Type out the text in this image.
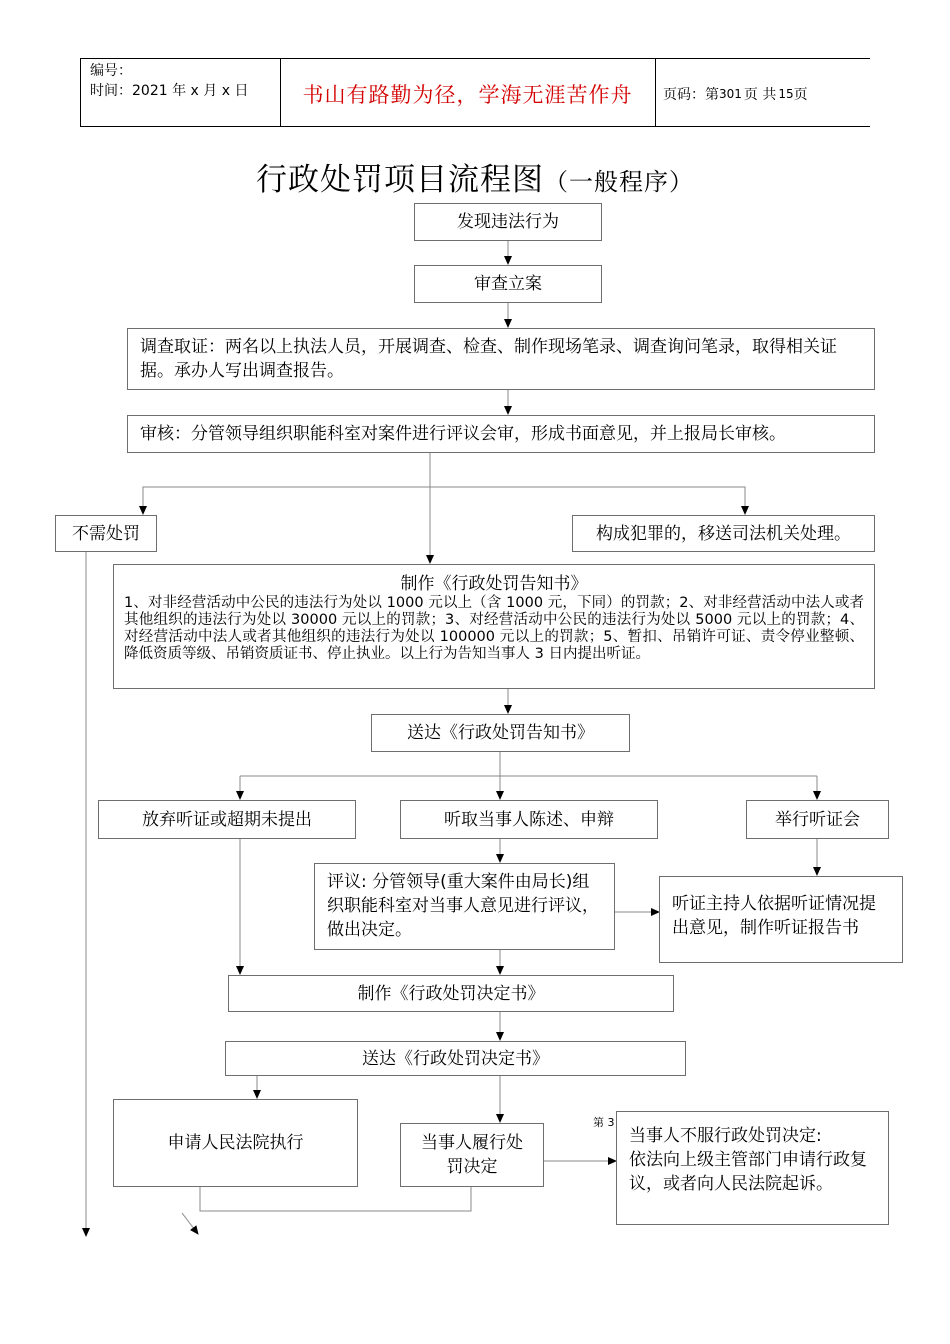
编号：
时间：2021 年 x 月 x 日	书山有路勤为径，学海无涯苦作舟	页码：第 301 页 共 15 页
行政处罚项目流程图（一般程序）
发现违法行为
审查立案
调查取证：两名以上执法人员，开展调查、检查、制作现场笔录、调查询问笔录，取得相关证据。承办人写出调查报告。
审核：分管领导组织职能科室对案件进行评议会审，形成书面意见，并上报局长审核。
不需处罚	构成犯罪的，移送司法机关处理。
制作《行政处罚告知书》
1、对非经营活动中公民的违法行为处以 1000 元以上（含 1000 元，下同）的罚款；2、对非经营活动中法人或者其他组织的违法行为处以 30000 元以上的罚款；3、对经营活动中公民的违法行为处以 5000 元以上的罚款；4、对经营活动中法人或者其他组织的违法行为处以 100000 元以上的罚款；5、暂扣、吊销许可证、责令停业整顿、降低资质等级、吊销资质证书、停止执业。以上行为告知当事人 3 日内提出听证。
送达《行政处罚告知书》
放弃听证或超期未提出	听取当事人陈述、申辩	举行听证会
评议: 分管领导(重大案件由局长)组织职能科室对当事人意见进行评议，做出决定。
听证主持人依据听证情况提出意见，制作听证报告书
制作《行政处罚决定书》
送达《行政处罚决定书》
申请人民法院执行	当事人履行处罚决定
第 3
当事人不服行政处罚决定:
依法向上级主管部门申请行政复议，或者向人民法院起诉。
